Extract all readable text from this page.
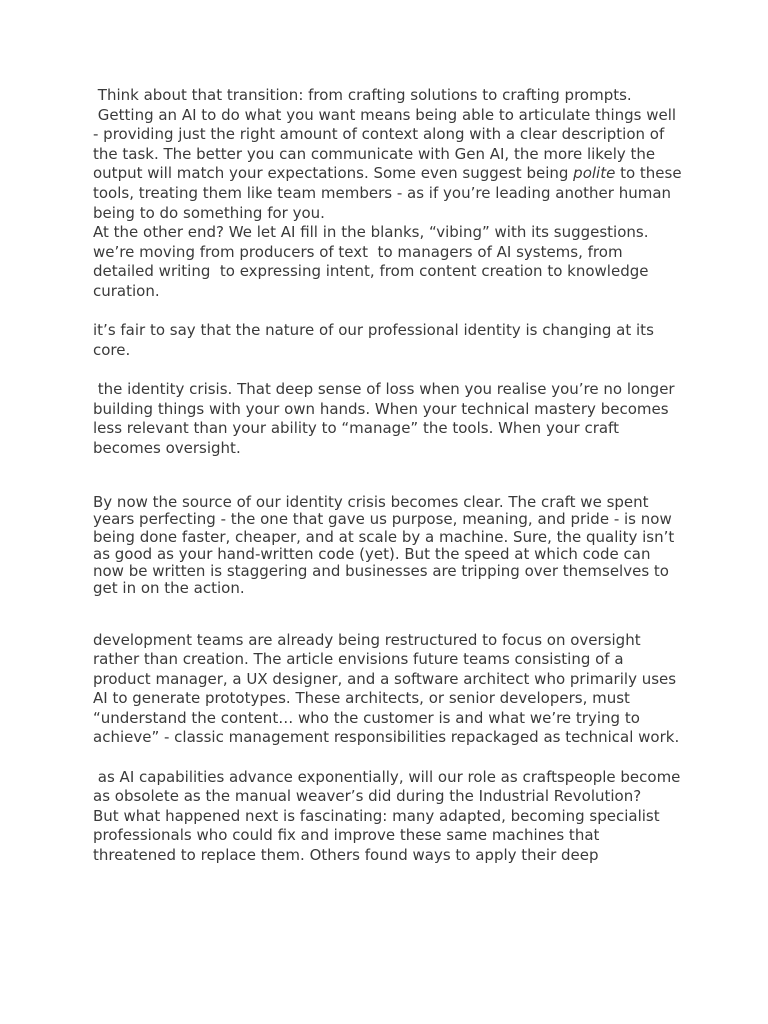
Think about that transition: from crafting solutions to crafting prompts.

Getting an AI to do what you want means being able to articulate things well - providing just the right amount of context along with a clear description of the task. The better you can communicate with Gen AI, the more likely the output will match your expectations. Some even suggest being polite to these tools, treating them like team members - as if you’re leading another human being to do something for you.

At the other end? We let AI fill in the blanks, “vibing” with its suggestions.

we’re moving from producers of text  to managers of AI systems, from detailed writing  to expressing intent, from content creation to knowledge curation.

it’s fair to say that the nature of our professional identity is changing at its core.

the identity crisis. That deep sense of loss when you realise you’re no longer building things with your own hands. When your technical mastery becomes less relevant than your ability to “manage” the tools. When your craft becomes oversight.

By now the source of our identity crisis becomes clear. The craft we spent years perfecting - the one that gave us purpose, meaning, and pride - is now being done faster, cheaper, and at scale by a machine. Sure, the quality isn’t as good as your hand-written code (yet). But the speed at which code can now be written is staggering and businesses are tripping over themselves to get in on the action.

development teams are already being restructured to focus on oversight rather than creation. The article envisions future teams consisting of a product manager, a UX designer, and a software architect who primarily uses AI to generate prototypes. These architects, or senior developers, must “understand the content… who the customer is and what we’re trying to achieve” - classic management responsibilities repackaged as technical work.

as AI capabilities advance exponentially, will our role as craftspeople become as obsolete as the manual weaver’s did during the Industrial Revolution?

But what happened next is fascinating: many adapted, becoming specialist professionals who could fix and improve these same machines that threatened to replace them. Others found ways to apply their deep
